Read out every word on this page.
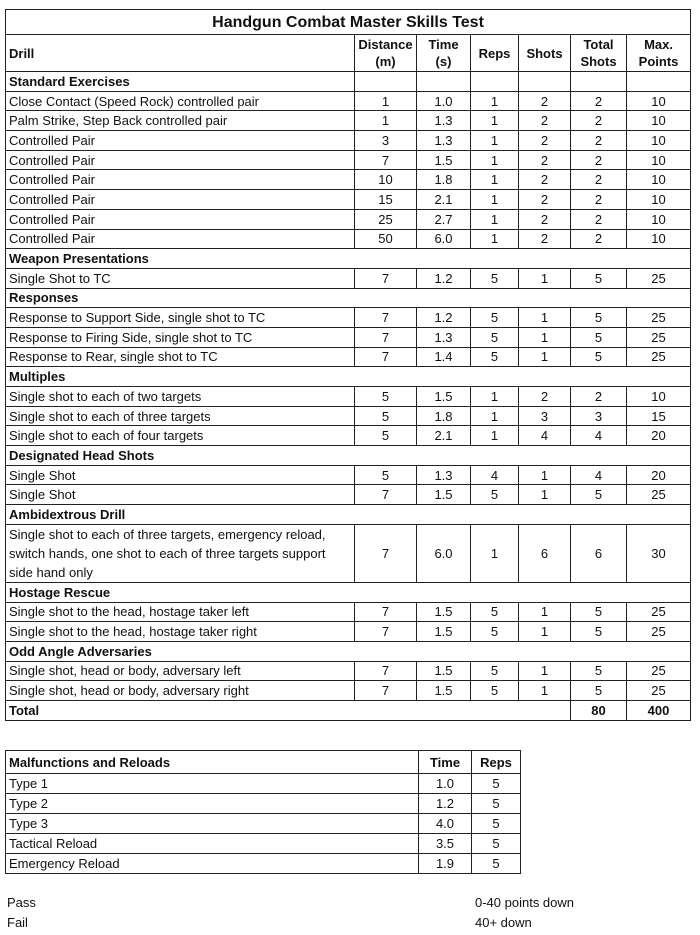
Handgun Combat Master Skills Test						
Drill	Distance (m)	Time (s)	Reps	Shots	Total Shots	Max. Points
Standard Exercises						
Close Contact (Speed Rock) controlled pair	1	1.0	1	2	2	10
Palm Strike, Step Back controlled pair	1	1.3	1	2	2	10
Controlled Pair	3	1.3	1	2	2	10
Controlled Pair	7	1.5	1	2	2	10
Controlled Pair	10	1.8	1	2	2	10
Controlled Pair	15	2.1	1	2	2	10
Controlled Pair	25	2.7	1	2	2	10
Controlled Pair	50	6.0	1	2	2	10
Weapon Presentations						
Single Shot to TC	7	1.2	5	1	5	25
Responses						
Response to Support Side, single shot to TC	7	1.2	5	1	5	25
Response to Firing Side, single shot to TC	7	1.3	5	1	5	25
Response to Rear, single shot to TC	7	1.4	5	1	5	25
Multiples						
Single shot to each of two targets	5	1.5	1	2	2	10
Single shot to each of three targets	5	1.8	1	3	3	15
Single shot to each of four targets	5	2.1	1	4	4	20
Designated Head Shots						
Single Shot	5	1.3	4	1	4	20
Single Shot	7	1.5	5	1	5	25
Ambidextrous Drill						
Single shot to each of three targets, emergency reload, switch hands, one shot to each of three targets support side hand only	7	6.0	1	6	6	30
Hostage Rescue						
Single shot to the head, hostage taker left	7	1.5	5	1	5	25
Single shot to the head, hostage taker right	7	1.5	5	1	5	25
Odd Angle Adversaries						
Single shot, head or body, adversary left	7	1.5	5	1	5	25
Single shot, head or body, adversary right	7	1.5	5	1	5	25
Total					80	400
Malfunctions and Reloads	Time	Reps
Type 1	1.0	5
Type 2	1.2	5
Type 3	4.0	5
Tactical Reload	3.5	5
Emergency Reload	1.9	5
Pass	0-40 points down
Fail	40+ down
